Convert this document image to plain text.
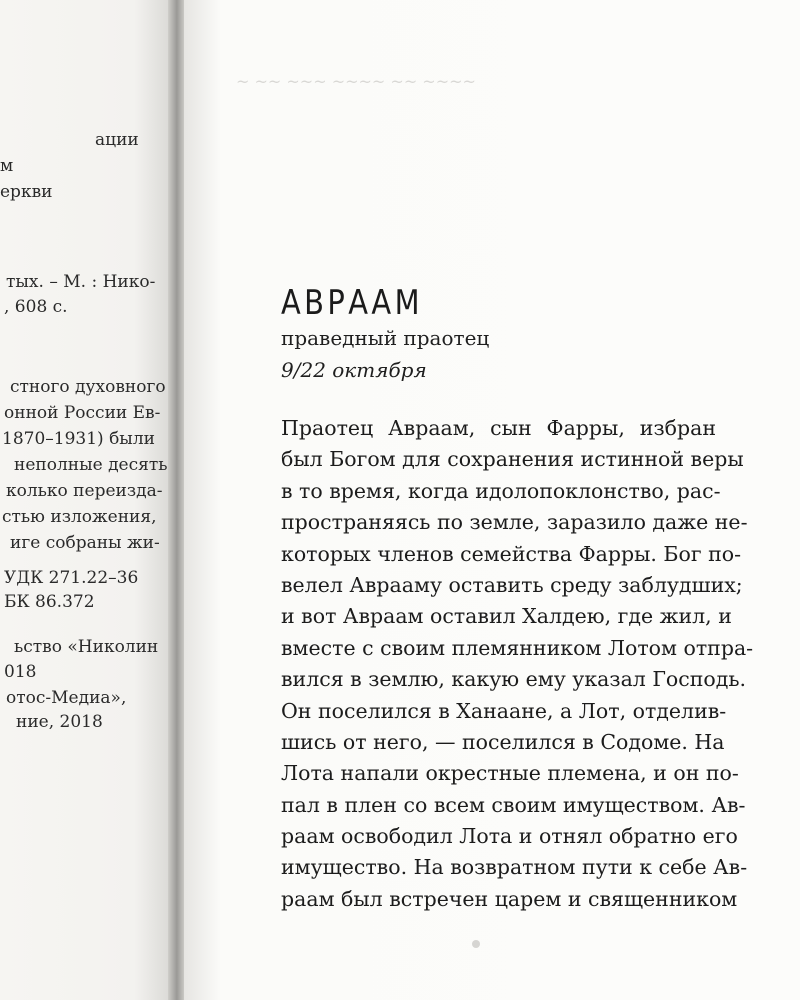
ации
м
еркви
тых. – М. : Нико-
, 608 с.
стного духовного
онной России Ев-
1870–1931) были
неполные десять
колько переизда-
стью изложения,
иге собраны жи-
УДК 271.22–36
БК 86.372
ьство «Николин
018
отос-Медиа»,
ние, 2018
~ ~~ ~~~ ~~~~ ~~ ~~~~
АВРААМ
праведный праотец
9/22 октября
Праотец Авраам, сын Фарры, избран
был Богом для сохранения истинной веры
в то время, когда идолопоклонство, рас-
пространяясь по земле, заразило даже не-
которых членов семейства Фарры. Бог по-
велел Аврааму оставить среду заблудших;
и вот Авраам оставил Халдею, где жил, и
вместе с своим племянником Лотом отпра-
вился в землю, какую ему указал Господь.
Он поселился в Ханаане, а Лот, отделив-
шись от него, — поселился в Содоме. На
Лота напали окрестные племена, и он по-
пал в плен со всем своим имуществом. Ав-
раам освободил Лота и отнял обратно его
имущество. На возвратном пути к себе Ав-
раам был встречен царем и священником
